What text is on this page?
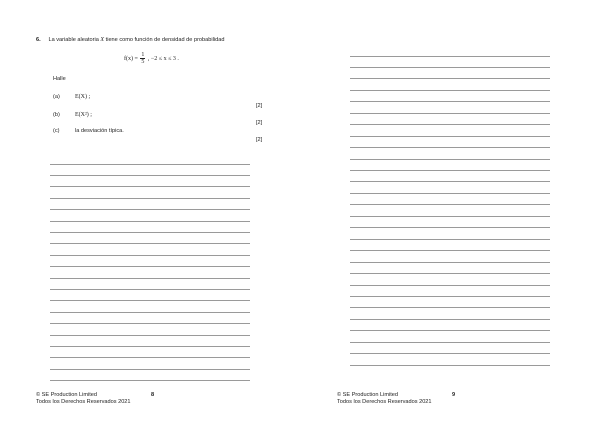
6. La variable aleatoria X tiene como función de densidad de probabilidad
$f(x) = \frac{1}{5}$ , −2 ≤ x ≤ 3 .
Halle
(a)	E(X) ;
[2]
(b)	E(X²) ;
[2]
(c)	la desviación típica.
[2]
© SE Production Limited
Todos los Derechos Reservados 2021
8	© SE Production Limited
Todos los Derechos Reservados 2021
9
